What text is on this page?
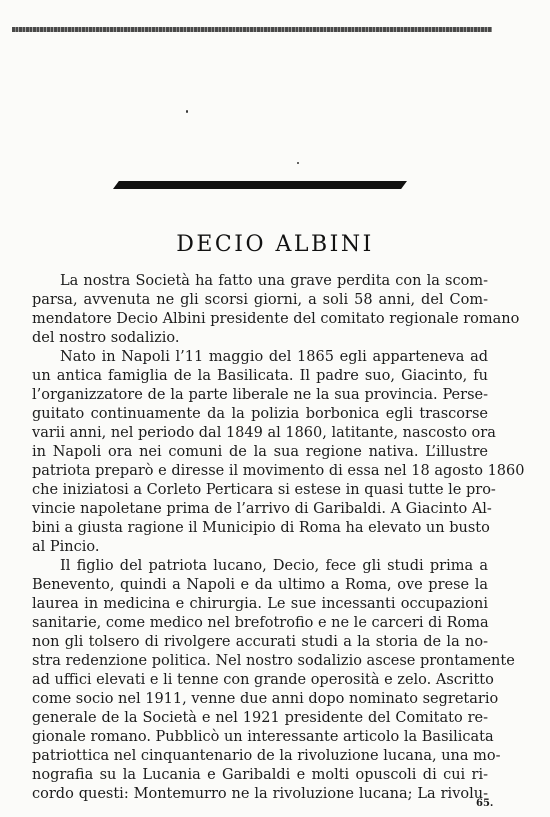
DECIO ALBINI
La nostra Società ha fatto una grave perdita con la scom-
parsa, avvenuta ne gli scorsi giorni, a soli 58 anni, del Com-
mendatore Decio Albini presidente del comitato regionale romano
del nostro sodalizio.
Nato in Napoli l’11 maggio del 1865 egli apparteneva ad
un antica famiglia de la Basilicata. Il padre suo, Giacinto, fu
l’organizzatore de la parte liberale ne la sua provincia. Perse-
guitato continuamente da la polizia borbonica egli trascorse
varii anni, nel periodo dal 1849 al 1860, latitante, nascosto ora
in Napoli ora nei comuni de la sua regione nativa. L’illustre
patriota preparò e diresse il movimento di essa nel 18 agosto 1860
che iniziatosi a Corleto Perticara si estese in quasi tutte le pro-
vincie napoletane prima de l’arrivo di Garibaldi. A Giacinto Al-
bini a giusta ragione il Municipio di Roma ha elevato un busto
al Pincio.
Il figlio del patriota lucano, Decio, fece gli studi prima a
Benevento, quindi a Napoli e da ultimo a Roma, ove prese la
laurea in medicina e chirurgia. Le sue incessanti occupazioni
sanitarie, come medico nel brefotrofio e ne le carceri di Roma
non gli tolsero di rivolgere accurati studi a la storia de la no-
stra redenzione politica. Nel nostro sodalizio ascese prontamente
ad uffici elevati e li tenne con grande operosità e zelo. Ascritto
come socio nel 1911, venne due anni dopo nominato segretario
generale de la Società e nel 1921 presidente del Comitato re-
gionale romano. Pubblicò un interessante articolo la Basilicata
patriottica nel cinquantenario de la rivoluzione lucana, una mo-
nografia su la Lucania e Garibaldi e molti opuscoli di cui ri-
cordo questi: Montemurro ne la rivoluzione lucana; La rivolu-
65.
